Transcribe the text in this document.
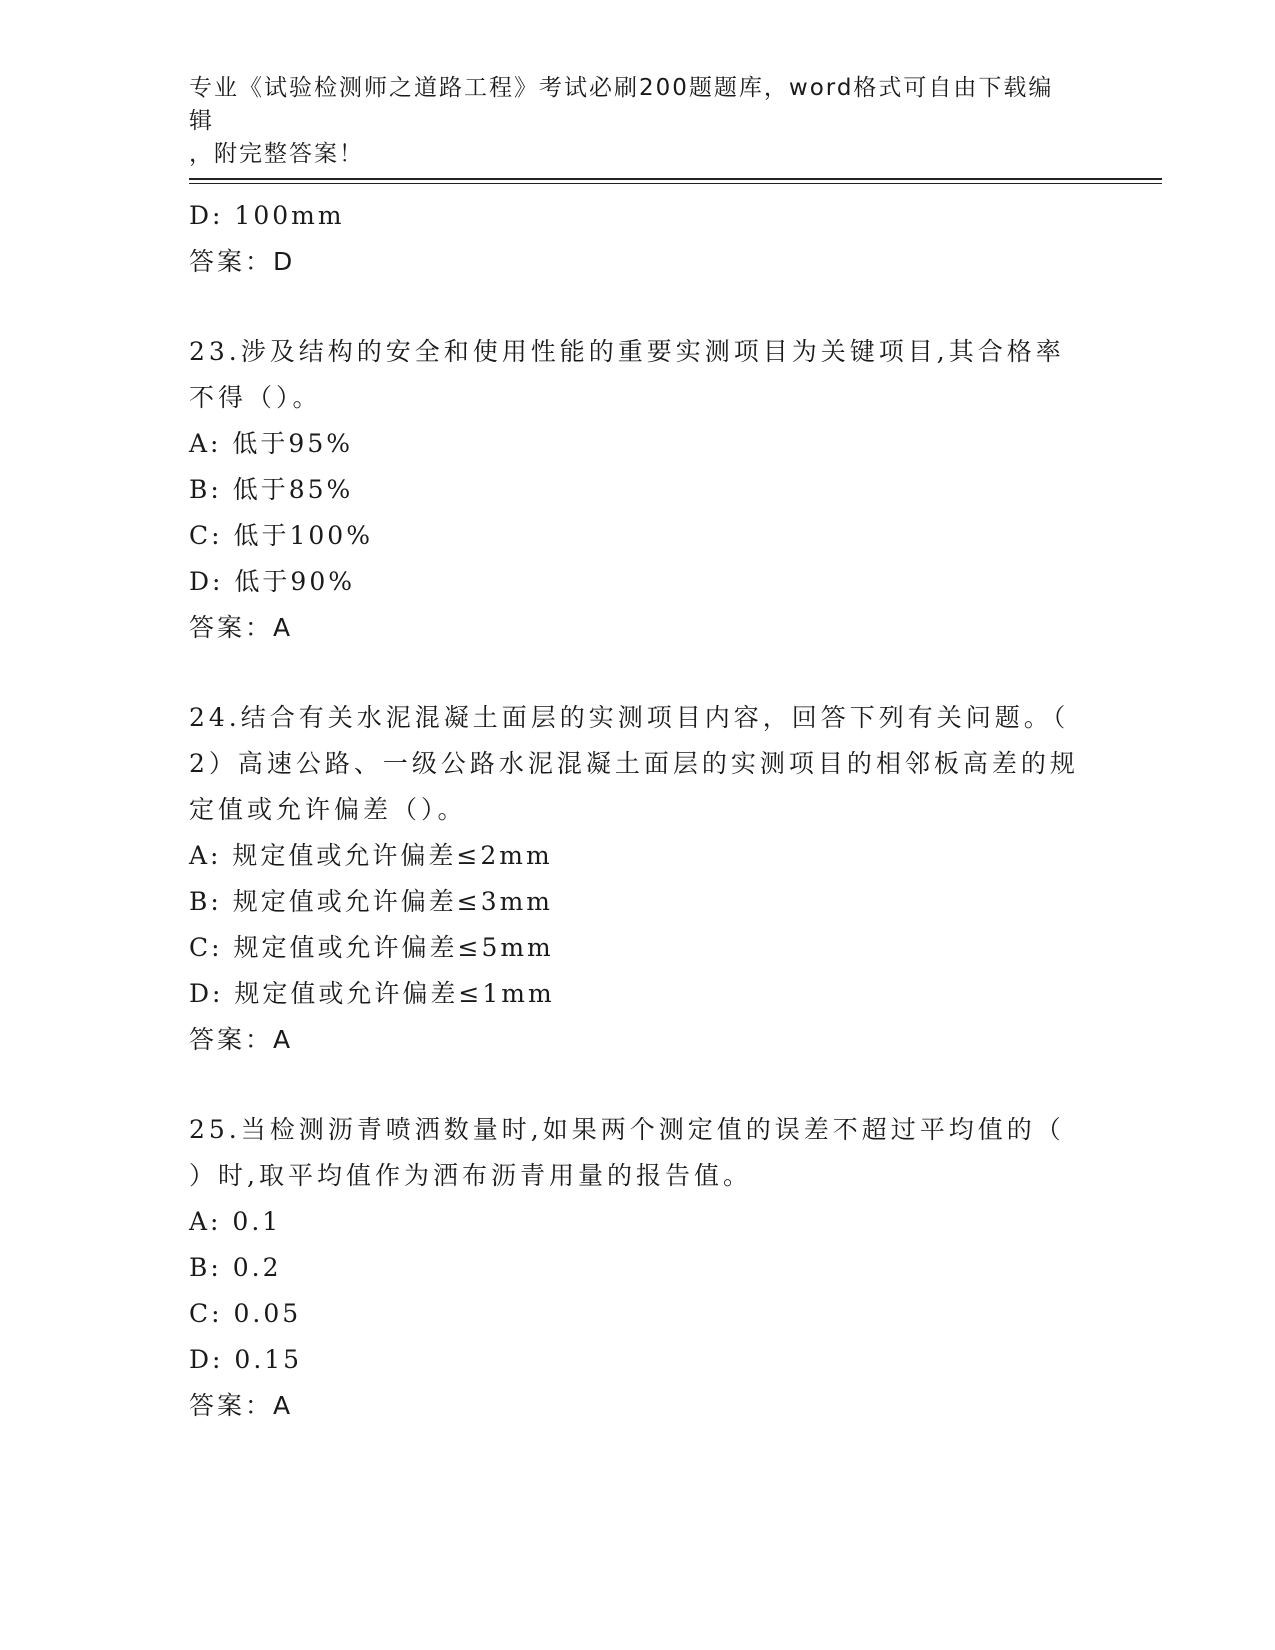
专业《试验检测师之道路工程》考试必刷200题题库，word格式可自由下载编辑
，附完整答案！
D: 100mm
答案：D
23.涉及结构的安全和使用性能的重要实测项目为关键项目,其合格率
不得（）。
A: 低于95%
B: 低于85%
C: 低于100%
D: 低于90%
答案：A
24.结合有关水泥混凝土面层的实测项目内容，回答下列有关问题。（
2）高速公路、一级公路水泥混凝土面层的实测项目的相邻板高差的规
定值或允许偏差（）。
A: 规定值或允许偏差≤2mm
B: 规定值或允许偏差≤3mm
C: 规定值或允许偏差≤5mm
D: 规定值或允许偏差≤1mm
答案：A
25.当检测沥青喷洒数量时,如果两个测定值的误差不超过平均值的（
）时,取平均值作为洒布沥青用量的报告值。
A: 0.1
B: 0.2
C: 0.05
D: 0.15
答案：A
